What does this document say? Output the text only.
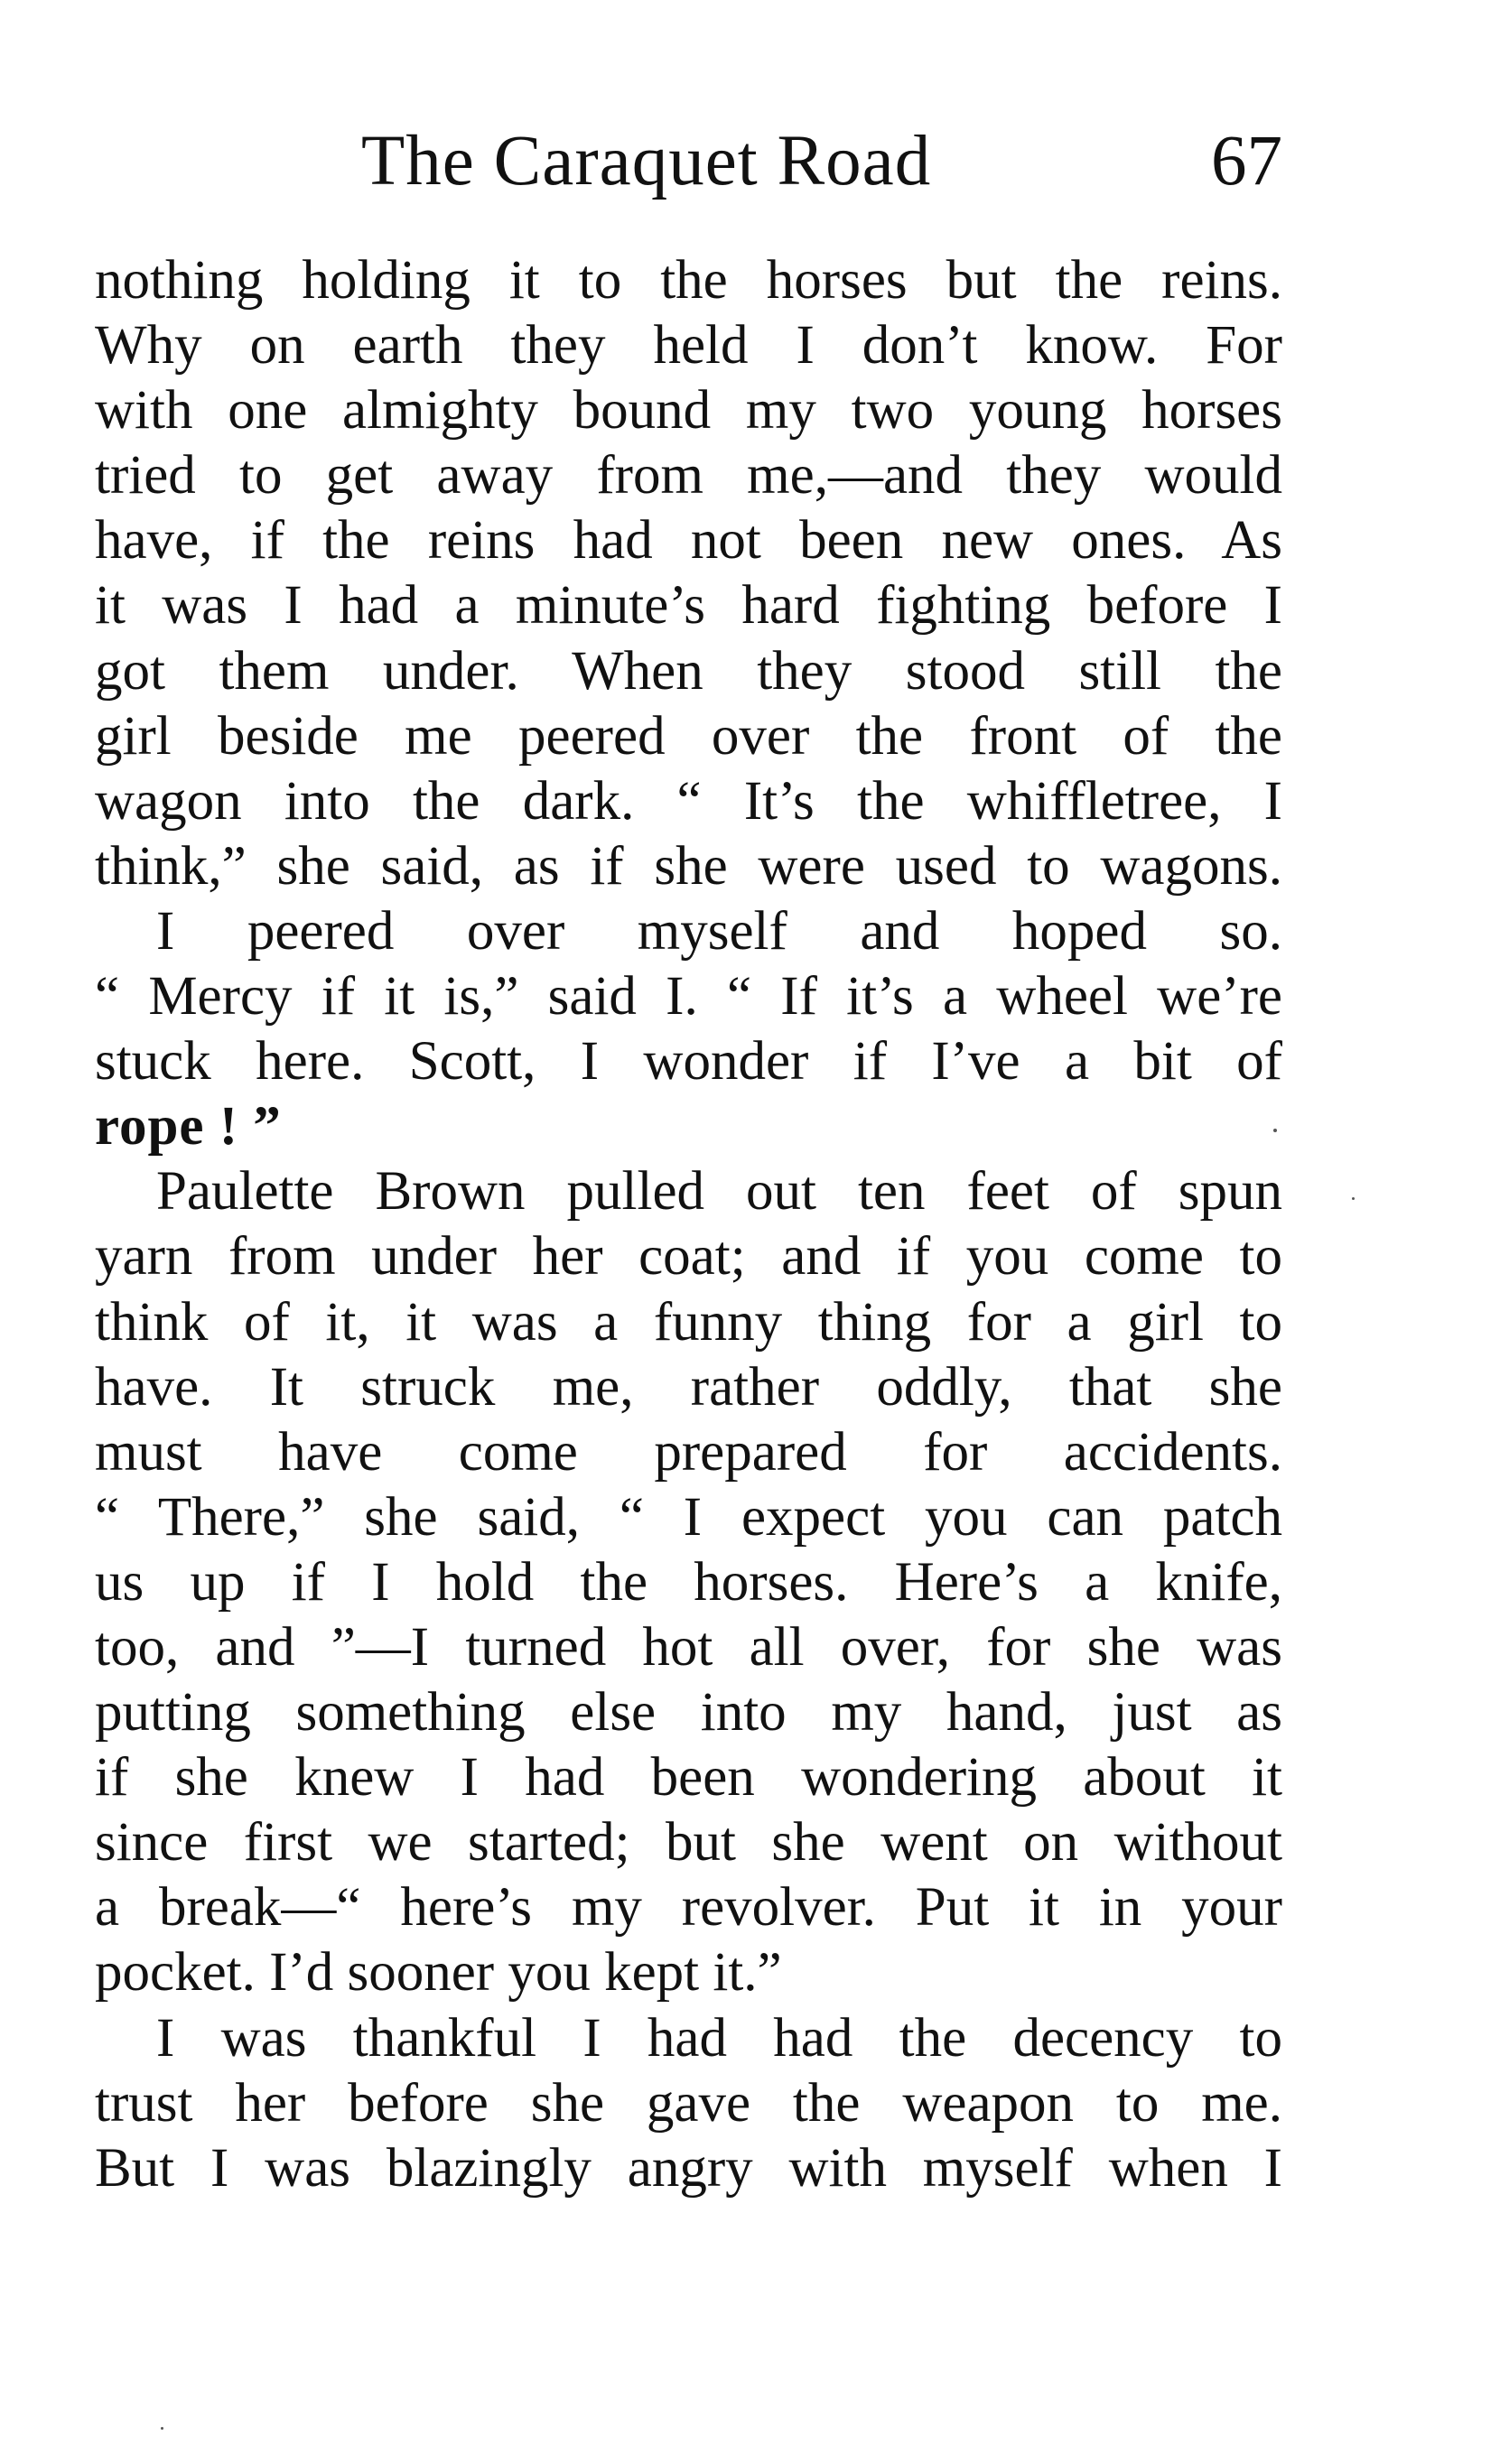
The Caraquet Road	67
nothing holding it to the horses but the reins.
Why on earth they held I don’t know. For
with one almighty bound my two young horses
tried to get away from me,—and they would
have, if the reins had not been new ones. As
it was I had a minute’s hard fighting before I
got them under. When they stood still the
girl beside me peered over the front of the
wagon into the dark. “ It’s the whiffletree, I
think,” she said, as if she were used to wagons.
I peered over myself and hoped so.
“ Mercy if it is,” said I. “ If it’s a wheel we’re
stuck here. Scott, I wonder if I’ve a bit of
rope ! ”
Paulette Brown pulled out ten feet of spun
yarn from under her coat; and if you come to
think of it, it was a funny thing for a girl to
have. It struck me, rather oddly, that she
must have come prepared for accidents.
“ There,” she said, “ I expect you can patch
us up if I hold the horses. Here’s a knife,
too, and ”—I turned hot all over, for she was
putting something else into my hand, just as
if she knew I had been wondering about it
since first we started; but she went on without
a break—“ here’s my revolver. Put it in your
pocket. I’d sooner you kept it.”
I was thankful I had had the decency to
trust her before she gave the weapon to me.
But I was blazingly angry with myself when I
